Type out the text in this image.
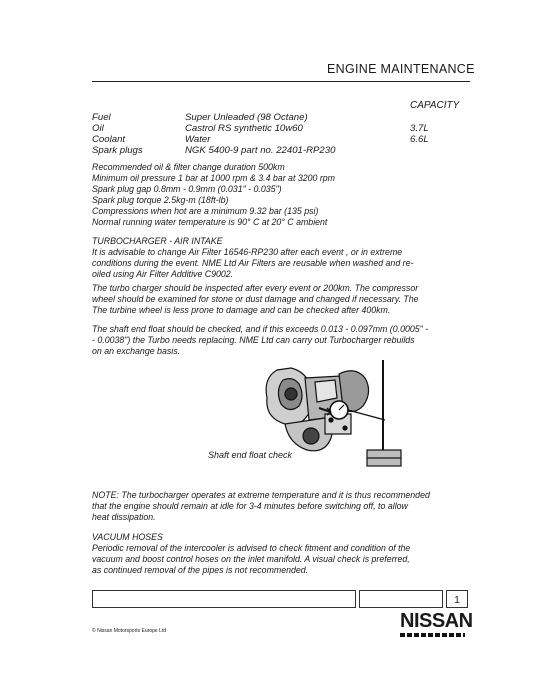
ENGINE MAINTENANCE
CAPACITY
Fuel	Super Unleaded (98 Octane)
Oil	Castrol RS synthetic 10w60	3.7L
Coolant	Water	6.6L
Spark plugs	NGK 5400-9 part no. 22401-RP230
Recommended oil & filter change duration 500km
Minimum oil pressure 1 bar at 1000 rpm & 3.4 bar at 3200 rpm
Spark plug gap 0.8mm - 0.9mm (0.031" - 0.035")
Spark plug torque 2.5kg-m (18ft-lb)
Compressions when hot are a minimum 9.32 bar (135 psi)
Normal running water temperature is 90° C at 20° C ambient
TURBOCHARGER - AIR INTAKE
It is advisable to change Air Filter 16546-RP230 after each event , or in extreme
conditions during the event. NME Ltd Air Filters are reusable when washed and re-
oiled using Air Filter Additive C9002.
The turbo charger should be inspected after every event or 200km. The compressor
wheel should be examined for stone or dust damage and changed if necessary. The
The turbine wheel is less prone to damage and can be checked after 400km.
The shaft end float should be checked, and if this exceeds 0.013 - 0.097mm (0.0005" -
- 0.0038") the Turbo needs replacing. NME Ltd can carry out Turbocharger rebuilds
on an exchange basis.
Shaft end float check
NOTE: The turbocharger operates at extreme temperature and it is thus recommended
that the engine should remain at idle for 3-4 minutes before switching off, to allow
heat dissipation.
VACUUM HOSES
Periodic removal of the intercooler is advised to check fitment and condition of the
vacuum and boost control hoses on the inlet manifold. A visual check is preferred,
as continued removal of the pipes is not recommended.
1
© Nissan Motorsports Europe Ltd	NISSAN
